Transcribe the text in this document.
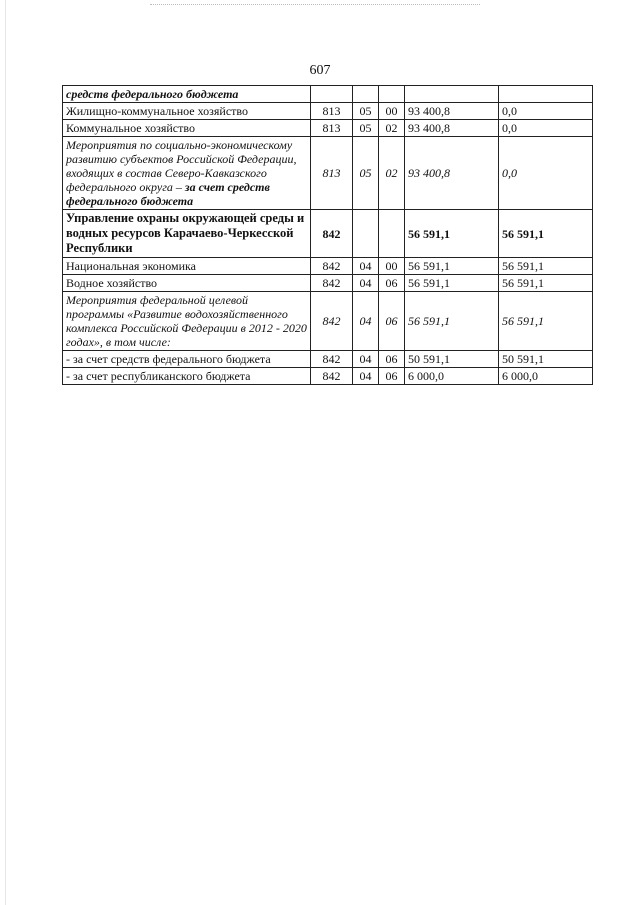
607
средств федерального бюджета					
Жилищно-коммунальное хозяйство	813	05	00	93 400,8	0,0
Коммунальное хозяйство	813	05	02	93 400,8	0,0
Мероприятия по социально-экономическому развитию субъектов Российской Федерации, входящих в состав Северо-Кавказского федерального округа – за счет средств федерального бюджета	813	05	02	93 400,8	0,0
Управление охраны окружающей среды и водных ресурсов Карачаево-Черкесской Республики	842			56 591,1	56 591,1
Национальная экономика	842	04	00	56 591,1	56 591,1
Водное хозяйство	842	04	06	56 591,1	56 591,1
Мероприятия федеральной целевой программы «Развитие водохозяйственного комплекса Российской Федерации в 2012 - 2020 годах», в том числе:	842	04	06	56 591,1	56 591,1
- за счет средств федерального бюджета	842	04	06	50 591,1	50 591,1
- за счет республиканского бюджета	842	04	06	6 000,0	6 000,0
